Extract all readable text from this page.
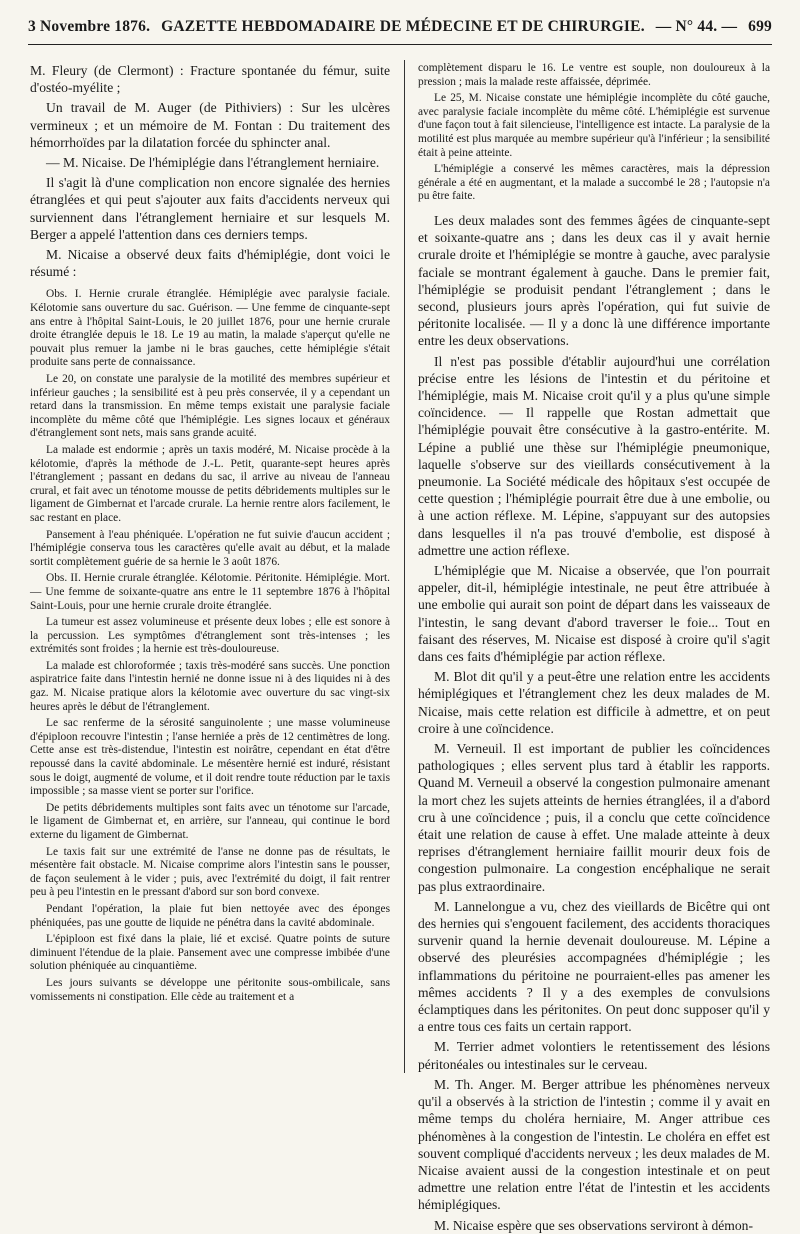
3 Novembre 1876. GAZETTE HEBDOMADAIRE DE MÉDECINE ET DE CHIRURGIE. — N° 44. — 699

M. Fleury (de Clermont) : Fracture spontanée du fémur, suite d'ostéo-myélite ;

Un travail de M. Auger (de Pithiviers) : Sur les ulcères vermineux ; et un mémoire de M. Fontan : Du traitement des hémorrhoïdes par la dilatation forcée du sphincter anal.

— M. Nicaise. De l'hémiplégie dans l'étranglement herniaire.

Il s'agit là d'une complication non encore signalée des hernies étranglées et qui peut s'ajouter aux faits d'accidents nerveux qui surviennent dans l'étranglement herniaire et sur lesquels M. Berger a appelé l'attention dans ces derniers temps.

M. Nicaise a observé deux faits d'hémiplégie, dont voici le résumé :

Obs. I. Hernie crurale étranglée. Hémiplégie avec paralysie faciale. Kélotomie sans ouverture du sac. Guérison. — Une femme de cinquante-sept ans entre à l'hôpital Saint-Louis, le 20 juillet 1876, pour une hernie crurale droite étranglée depuis le 18. Le 19 au matin, la malade s'aperçut qu'elle ne pouvait plus remuer la jambe ni le bras gauches, cette hémiplégie s'était produite sans perte de connaissance.

Le 20, on constate une paralysie de la motilité des membres supérieur et inférieur gauches ; la sensibilité est à peu près conservée, il y a cependant un retard dans la transmission. En même temps existait une paralysie faciale incomplète du même côté que l'hémiplégie. Les signes locaux et généraux d'étranglement sont nets, mais sans grande acuité.

La malade est endormie ; après un taxis modéré, M. Nicaise procède à la kélotomie, d'après la méthode de J.-L. Petit, quarante-sept heures après l'étranglement ; passant en dedans du sac, il arrive au niveau de l'anneau crural, et fait avec un ténotome mousse de petits débridements multiples sur le ligament de Gimbernat et l'arcade crurale. La hernie rentre alors facilement, le sac restant en place.

Pansement à l'eau phéniquée. L'opération ne fut suivie d'aucun accident ; l'hémiplégie conserva tous les caractères qu'elle avait au début, et la malade sortit complètement guérie de sa hernie le 3 août 1876.

Obs. II. Hernie crurale étranglée. Kélotomie. Péritonite. Hémiplégie. Mort. — Une femme de soixante-quatre ans entre le 11 septembre 1876 à l'hôpital Saint-Louis, pour une hernie crurale droite étranglée.

La tumeur est assez volumineuse et présente deux lobes ; elle est sonore à la percussion. Les symptômes d'étranglement sont très-intenses ; les extrémités sont froides ; la hernie est très-douloureuse.

La malade est chloroformée ; taxis très-modéré sans succès. Une ponction aspiratrice faite dans l'intestin hernié ne donne issue ni à des liquides ni à des gaz. M. Nicaise pratique alors la kélotomie avec ouverture du sac vingt-six heures après le début de l'étranglement.

Le sac renferme de la sérosité sanguinolente ; une masse volumineuse d'épiploon recouvre l'intestin ; l'anse herniée a près de 12 centimètres de long. Cette anse est très-distendue, l'intestin est noirâtre, cependant en état d'être repoussé dans la cavité abdominale. Le mésentère hernié est induré, résistant sous le doigt, augmenté de volume, et il doit rendre toute réduction par le taxis impossible ; sa masse vient se porter sur l'orifice.

De petits débridements multiples sont faits avec un ténotome sur l'arcade, le ligament de Gimbernat et, en arrière, sur l'anneau, qui continue le bord externe du ligament de Gimbernat.

Le taxis fait sur une extrémité de l'anse ne donne pas de résultats, le mésentère fait obstacle. M. Nicaise comprime alors l'intestin sans le pousser, de façon seulement à le vider ; puis, avec l'extrémité du doigt, il fait rentrer peu à peu l'intestin en le pressant d'abord sur son bord convexe.

Pendant l'opération, la plaie fut bien nettoyée avec des éponges phéniquées, pas une goutte de liquide ne pénétra dans la cavité abdominale.

L'épiploon est fixé dans la plaie, lié et excisé. Quatre points de suture diminuent l'étendue de la plaie. Pansement avec une compresse imbibée d'une solution phéniquée au cinquantième.

Les jours suivants se développe une péritonite sous-ombilicale, sans vomissements ni constipation. Elle cède au traitement et a

complètement disparu le 16. Le ventre est souple, non douloureux à la pression ; mais la malade reste affaissée, déprimée.

Le 25, M. Nicaise constate une hémiplégie incomplète du côté gauche, avec paralysie faciale incomplète du même côté. L'hémiplégie est survenue d'une façon tout à fait silencieuse, l'intelligence est intacte. La paralysie de la motilité est plus marquée au membre supérieur qu'à l'inférieur ; la sensibilité était à peine atteinte.

L'hémiplégie a conservé les mêmes caractères, mais la dépression générale a été en augmentant, et la malade a succombé le 28 ; l'autopsie n'a pu être faite.

Les deux malades sont des femmes âgées de cinquante-sept et soixante-quatre ans ; dans les deux cas il y avait hernie crurale droite et l'hémiplégie se montre à gauche, avec paralysie faciale se montrant également à gauche. Dans le premier fait, l'hémiplégie se produisit pendant l'étranglement ; dans le second, plusieurs jours après l'opération, qui fut suivie de péritonite localisée. — Il y a donc là une différence importante entre les deux observations.

Il n'est pas possible d'établir aujourd'hui une corrélation précise entre les lésions de l'intestin et du péritoine et l'hémiplégie, mais M. Nicaise croit qu'il y a plus qu'une simple coïncidence. — Il rappelle que Rostan admettait que l'hémiplégie pouvait être consécutive à la gastro-entérite. M. Lépine a publié une thèse sur l'hémiplégie pneumonique, laquelle s'observe sur des vieillards consécutivement à la pneumonie. La Société médicale des hôpitaux s'est occupée de cette question ; l'hémiplégie pourrait être due à une embolie, ou à une action réflexe. M. Lépine, s'appuyant sur des autopsies dans lesquelles il n'a pas trouvé d'embolie, est disposé à admettre une action réflexe.

L'hémiplégie que M. Nicaise a observée, que l'on pourrait appeler, dit-il, hémiplégie intestinale, ne peut être attribuée à une embolie qui aurait son point de départ dans les vaisseaux de l'intestin, le sang devant d'abord traverser le foie... Tout en faisant des réserves, M. Nicaise est disposé à croire qu'il s'agit dans ces faits d'hémiplégie par action réflexe.

M. Blot dit qu'il y a peut-être une relation entre les accidents hémiplégiques et l'étranglement chez les deux malades de M. Nicaise, mais cette relation est difficile à admettre, et on peut croire à une coïncidence.

M. Verneuil. Il est important de publier les coïncidences pathologiques ; elles servent plus tard à établir les rapports. Quand M. Verneuil a observé la congestion pulmonaire amenant la mort chez les sujets atteints de hernies étranglées, il a d'abord cru à une coïncidence ; puis, il a conclu que cette coïncidence était une relation de cause à effet. Une malade atteinte à deux reprises d'étranglement herniaire faillit mourir deux fois de congestion pulmonaire. La congestion encéphalique ne serait pas plus extraordinaire.

M. Lannelongue a vu, chez des vieillards de Bicêtre qui ont des hernies qui s'engouent facilement, des accidents thoraciques survenir quand la hernie devenait douloureuse. M. Lépine a observé des pleurésies accompagnées d'hémiplégie ; les inflammations du péritoine ne pourraient-elles pas amener les mêmes accidents ? Il y a des exemples de convulsions éclamptiques dans les péritonites. On peut donc supposer qu'il y a entre tous ces faits un certain rapport.

M. Terrier admet volontiers le retentissement des lésions péritonéales ou intestinales sur le cerveau.

M. Th. Anger. M. Berger attribue les phénomènes nerveux qu'il a observés à la striction de l'intestin ; comme il y avait en même temps du choléra herniaire, M. Anger attribue ces phénomènes à la congestion de l'intestin. Le choléra en effet est souvent compliqué d'accidents nerveux ; les deux malades de M. Nicaise avaient aussi de la congestion intestinale et on peut admettre une relation entre l'état de l'intestin et les accidents hémiplégiques.

M. Nicaise espère que ses observations serviront à démon-
